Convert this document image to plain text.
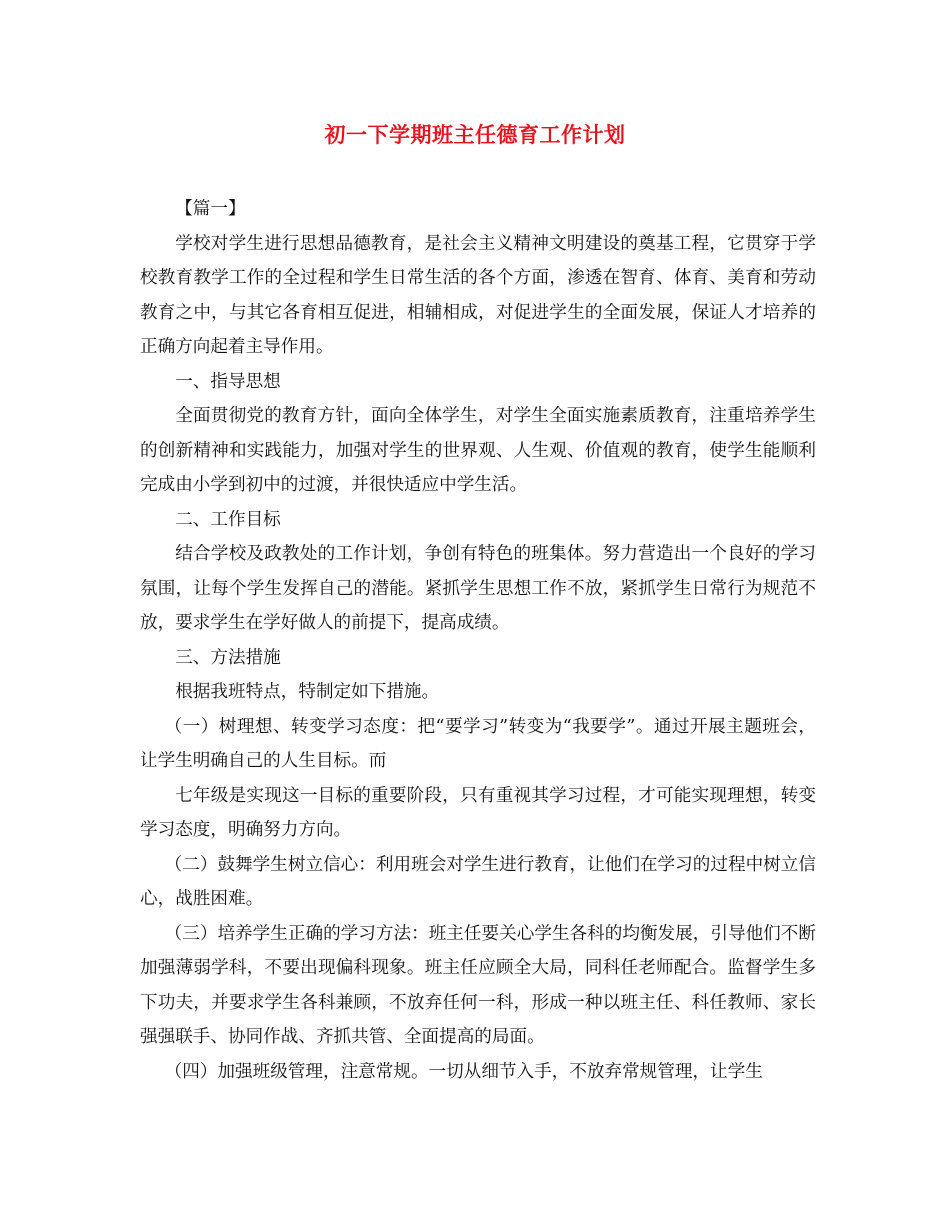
初一下学期班主任德育工作计划

【篇一】

学校对学生进行思想品德教育，是社会主义精神文明建设的奠基工程，它贯穿于学校教育教学工作的全过程和学生日常生活的各个方面，渗透在智育、体育、美育和劳动教育之中，与其它各育相互促进，相辅相成，对促进学生的全面发展，保证人才培养的正确方向起着主导作用。

一、指导思想

全面贯彻党的教育方针，面向全体学生，对学生全面实施素质教育，注重培养学生的创新精神和实践能力，加强对学生的世界观、人生观、价值观的教育，使学生能顺利完成由小学到初中的过渡，并很快适应中学生活。

二、工作目标

结合学校及政教处的工作计划，争创有特色的班集体。努力营造出一个良好的学习氛围，让每个学生发挥自己的潜能。紧抓学生思想工作不放，紧抓学生日常行为规范不放，要求学生在学好做人的前提下，提高成绩。

三、方法措施

根据我班特点，特制定如下措施。

（一）树理想、转变学习态度：把“要学习”转变为“我要学”。通过开展主题班会，让学生明确自己的人生目标。而

七年级是实现这一目标的重要阶段，只有重视其学习过程，才可能实现理想，转变学习态度，明确努力方向。

（二）鼓舞学生树立信心：利用班会对学生进行教育，让他们在学习的过程中树立信心，战胜困难。

（三）培养学生正确的学习方法：班主任要关心学生各科的均衡发展，引导他们不断加强薄弱学科，不要出现偏科现象。班主任应顾全大局，同科任老师配合。监督学生多下功夫，并要求学生各科兼顾，不放弃任何一科，形成一种以班主任、科任教师、家长强强联手、协同作战、齐抓共管、全面提高的局面。

（四）加强班级管理，注意常规。一切从细节入手，不放弃常规管理，让学生
